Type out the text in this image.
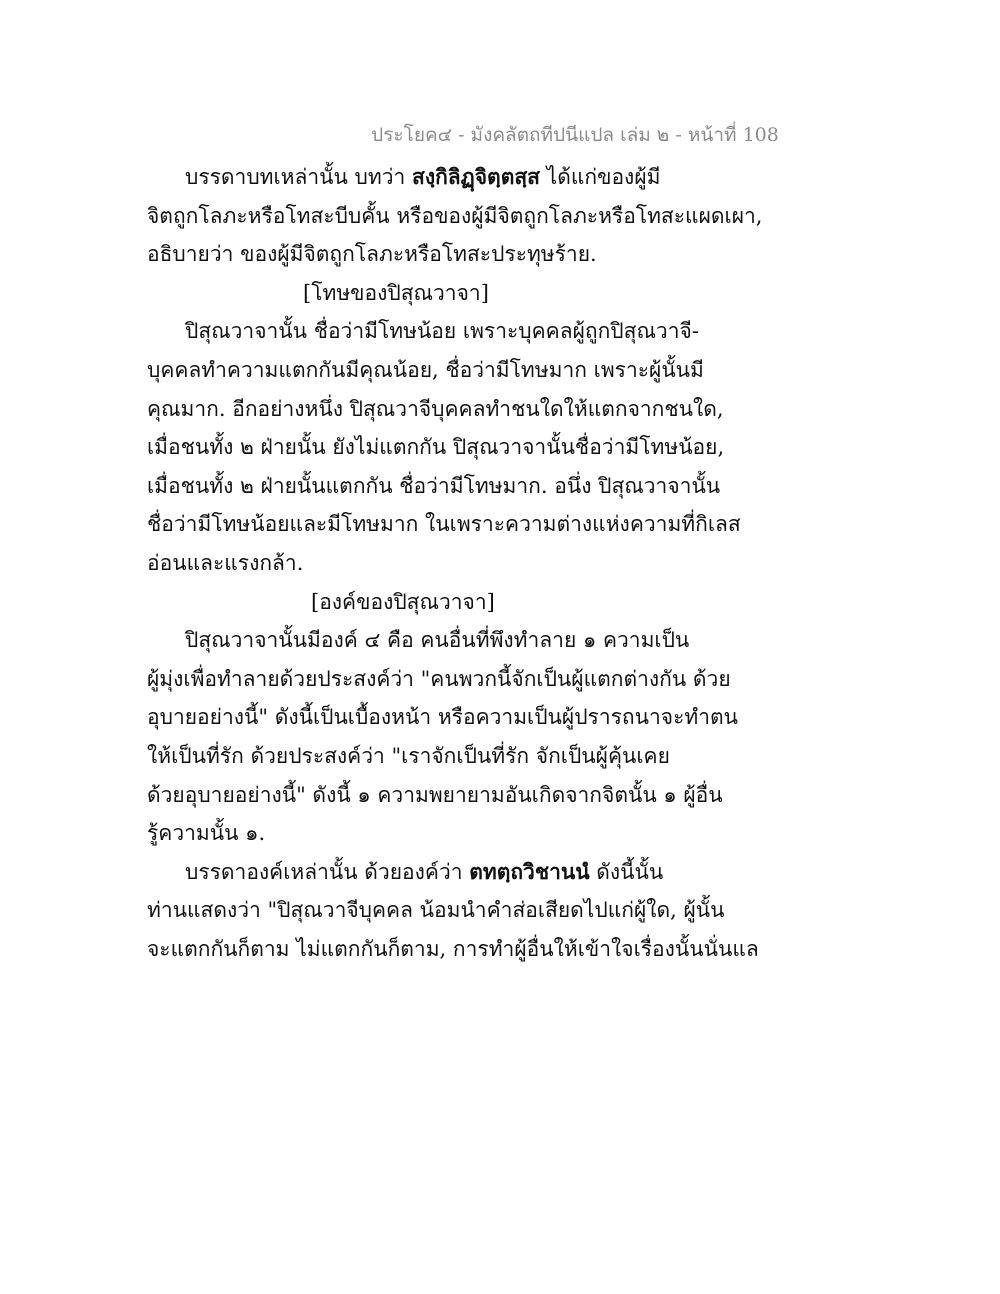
ประโยค๔ - มังคลัตถทีปนีแปล เล่ม ๒ - หน้าที่ 108
บรรดาบทเหล่านั้น บทว่า สงฺกิลิฏฺจิตฺตสฺส ได้แก่ของผู้มี
จิตถูกโลภะหรือโทสะบีบคั้น หรือของผู้มีจิตถูกโลภะหรือโทสะแผดเผา,
อธิบายว่า ของผู้มีจิตถูกโลภะหรือโทสะประทุษร้าย.
[โทษของปิสุณวาจา]
ปิสุณวาจานั้น ชื่อว่ามีโทษน้อย เพราะบุคคลผู้ถูกปิสุณวาจี-
บุคคลทำความแตกกันมีคุณน้อย, ชื่อว่ามีโทษมาก เพราะผู้นั้นมี
คุณมาก. อีกอย่างหนึ่ง ปิสุณวาจีบุคคลทำชนใดให้แตกจากชนใด,
เมื่อชนทั้ง ๒ ฝ่ายนั้น ยังไม่แตกกัน ปิสุณวาจานั้นชื่อว่ามีโทษน้อย,
เมื่อชนทั้ง ๒ ฝ่ายนั้นแตกกัน ชื่อว่ามีโทษมาก. อนึ่ง ปิสุณวาจานั้น
ชื่อว่ามีโทษน้อยและมีโทษมาก ในเพราะความต่างแห่งความที่กิเลส
อ่อนและแรงกล้า.
[องค์ของปิสุณวาจา]
ปิสุณวาจานั้นมีองค์ ๔ คือ คนอื่นที่พึงทำลาย ๑ ความเป็น
ผู้มุ่งเพื่อทำลายด้วยประสงค์ว่า "คนพวกนี้จักเป็นผู้แตกต่างกัน ด้วย
อุบายอย่างนี้" ดังนี้เป็นเบื้องหน้า หรือความเป็นผู้ปรารถนาจะทำตน
ให้เป็นที่รัก ด้วยประสงค์ว่า "เราจักเป็นที่รัก จักเป็นผู้คุ้นเคย
ด้วยอุบายอย่างนี้" ดังนี้ ๑ ความพยายามอันเกิดจากจิตนั้น ๑ ผู้อื่น
รู้ความนั้น ๑.
บรรดาองค์เหล่านั้น ด้วยองค์ว่า ตทตฺถวิชานนํ ดังนี้นั้น
ท่านแสดงว่า "ปิสุณวาจีบุคคล น้อมนำคำส่อเสียดไปแก่ผู้ใด, ผู้นั้น
จะแตกกันก็ตาม ไม่แตกกันก็ตาม, การทำผู้อื่นให้เข้าใจเรื่องนั้นนั่นแล
